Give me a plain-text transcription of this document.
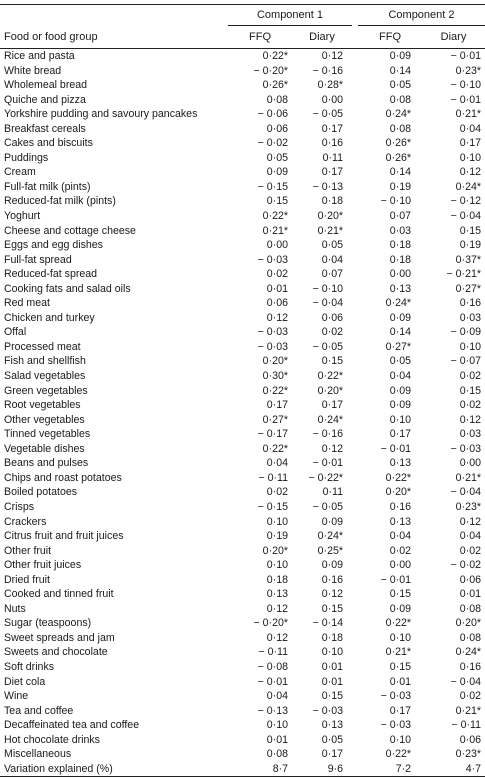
	Component 1			Component 2	
Food or food group	FFQ	Diary		FFQ	Diary
Rice and pasta	0·22*	0·12		0·09	− 0·01
White bread	− 0·20*	− 0·16		0·14	0·23*
Wholemeal bread	0·26*	0·28*		0·05	− 0·10
Quiche and pizza	0·08	0·00		0·08	− 0·01
Yorkshire pudding and savoury pancakes	− 0·06	− 0·05		0·24*	0·21*
Breakfast cereals	0·06	0·17		0·08	0·04
Cakes and biscuits	− 0·02	0·16		0·26*	0·17
Puddings	0·05	0·11		0·26*	0·10
Cream	0·09	0·17		0·14	0·12
Full-fat milk (pints)	− 0·15	− 0·13		0·19	0·24*
Reduced-fat milk (pints)	0·15	0·18		− 0·10	− 0·12
Yoghurt	0·22*	0·20*		0·07	− 0·04
Cheese and cottage cheese	0·21*	0·21*		0·03	0·15
Eggs and egg dishes	0·00	0·05		0·18	0·19
Full-fat spread	− 0·03	0·04		0·18	0·37*
Reduced-fat spread	0·02	0·07		0·00	− 0·21*
Cooking fats and salad oils	0·01	− 0·10		0·13	0·27*
Red meat	0·06	− 0·04		0·24*	0·16
Chicken and turkey	0·12	0·06		0·09	0·03
Offal	− 0·03	0·02		0·14	− 0·09
Processed meat	− 0·03	− 0·05		0·27*	0·10
Fish and shellfish	0·20*	0·15		0·05	− 0·07
Salad vegetables	0·30*	0·22*		0·04	0·02
Green vegetables	0·22*	0·20*		0·09	0·15
Root vegetables	0·17	0·17		0·09	0·02
Other vegetables	0·27*	0·24*		0·10	0·12
Tinned vegetables	− 0·17	− 0·16		0·17	0·03
Vegetable dishes	0·22*	0·12		− 0·01	− 0·03
Beans and pulses	0·04	− 0·01		0·13	0·00
Chips and roast potatoes	− 0·11	− 0·22*		0·22*	0·21*
Boiled potatoes	0·02	0·11		0·20*	− 0·04
Crisps	− 0·15	− 0·05		0·16	0·23*
Crackers	0·10	0·09		0·13	0·12
Citrus fruit and fruit juices	0·19	0·24*		0·04	0·04
Other fruit	0·20*	0·25*		0·02	0·02
Other fruit juices	0·10	0·09		0·00	− 0·02
Dried fruit	0·18	0·16		− 0·01	0·06
Cooked and tinned fruit	0·13	0·12		0·15	0·01
Nuts	0·12	0·15		0·09	0·08
Sugar (teaspoons)	− 0·20*	− 0·14		0·22*	0·20*
Sweet spreads and jam	0·12	0·18		0·10	0·08
Sweets and chocolate	− 0·11	0·10		0·21*	0·24*
Soft drinks	− 0·08	0·01		0·15	0·16
Diet cola	− 0·01	0·01		0·01	− 0·04
Wine	0·04	0·15		− 0·03	0·02
Tea and coffee	− 0·13	− 0·03		0·17	0·21*
Decaffeinated tea and coffee	0·10	0·13		− 0·03	− 0·11
Hot chocolate drinks	0·01	0·05		0·10	0·06
Miscellaneous	0·08	0·17		0·22*	0·23*
Variation explained (%)	8·7	9·6		7·2	4·7
